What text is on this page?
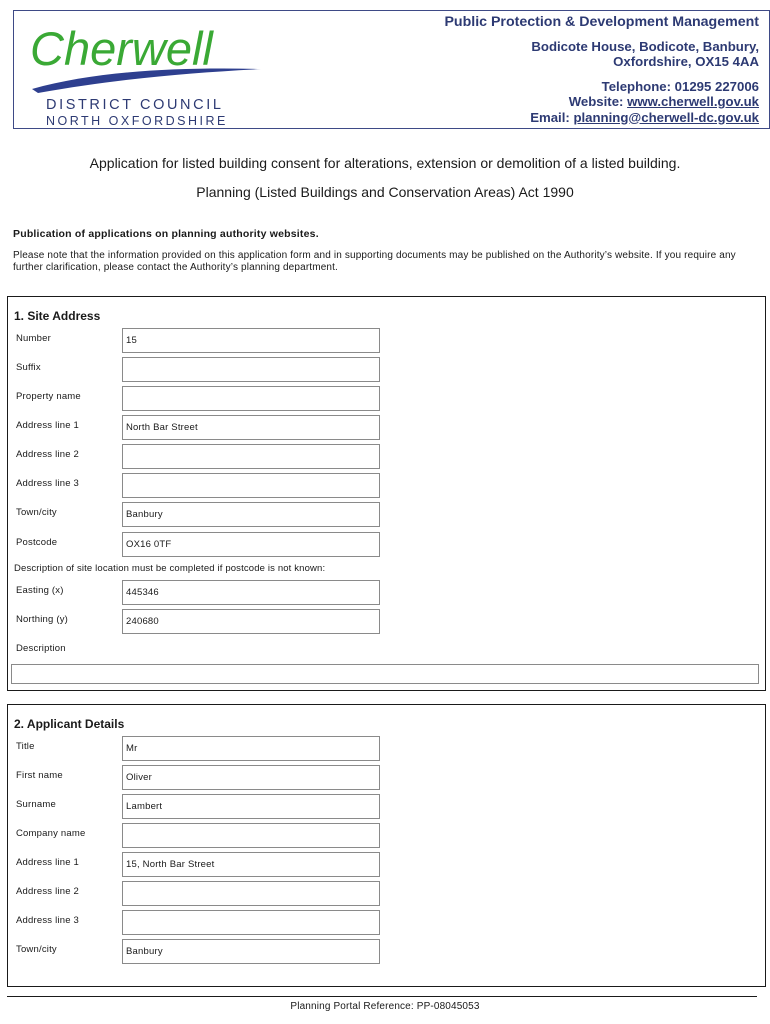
Cherwell
DISTRICT COUNCIL
NORTH OXFORDSHIRE
Public Protection & Development Management
Bodicote House, Bodicote, Banbury,
Oxfordshire, OX15 4AA
Telephone: 01295 227006
Website: www.cherwell.gov.uk
Email: planning@cherwell-dc.gov.uk
Application for listed building consent for alterations, extension or demolition of a listed building.
Planning (Listed Buildings and Conservation Areas) Act 1990
Publication of applications on planning authority websites.
Please note that the information provided on this application form and in supporting documents may be published on the Authority’s website. If you require any further clarification, please contact the Authority’s planning department.
1. Site Address
Number	15
Suffix
Property name
Address line 1	North Bar Street
Address line 2
Address line 3
Town/city	Banbury
Postcode	OX16 0TF
Description of site location must be completed if postcode is not known:
Easting (x)	445346
Northing (y)	240680
Description
2. Applicant Details
Title	Mr
First name	Oliver
Surname	Lambert
Company name
Address line 1	15, North Bar Street
Address line 2
Address line 3
Town/city	Banbury
Planning Portal Reference: PP-08045053
